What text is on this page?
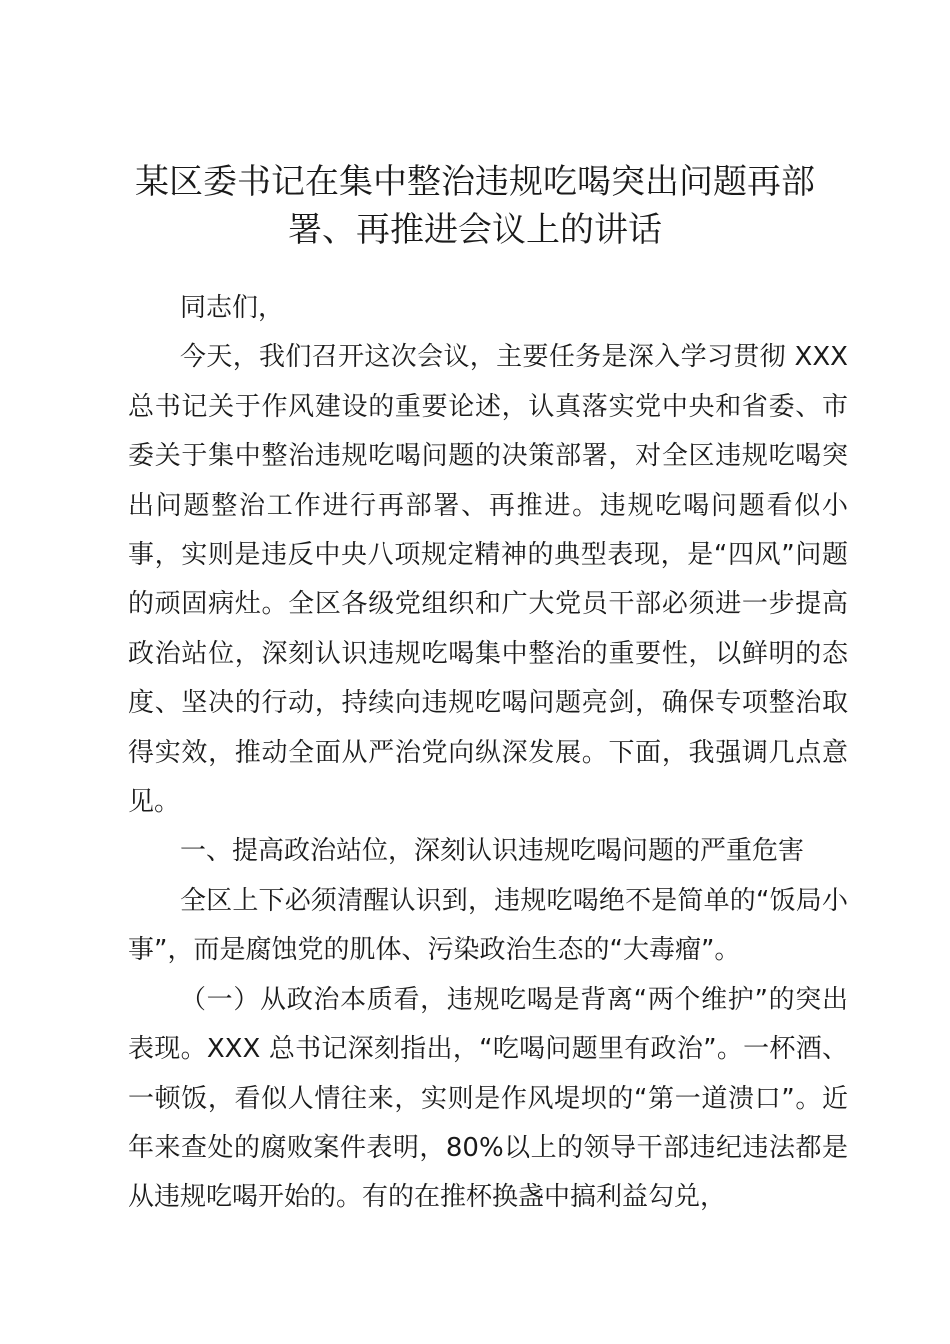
某区委书记在集中整治违规吃喝突出问题再部署、再推进会议上的讲话

同志们，

今天，我们召开这次会议，主要任务是深入学习贯彻 XXX 总书记关于作风建设的重要论述，认真落实党中央和省委、市委关于集中整治违规吃喝问题的决策部署，对全区违规吃喝突出问题整治工作进行再部署、再推进。违规吃喝问题看似小事，实则是违反中央八项规定精神的典型表现，是“四风”问题的顽固病灶。全区各级党组织和广大党员干部必须进一步提高政治站位，深刻认识违规吃喝集中整治的重要性，以鲜明的态度、坚决的行动，持续向违规吃喝问题亮剑，确保专项整治取得实效，推动全面从严治党向纵深发展。下面，我强调几点意见。

一、提高政治站位，深刻认识违规吃喝问题的严重危害

全区上下必须清醒认识到，违规吃喝绝不是简单的“饭局小事”，而是腐蚀党的肌体、污染政治生态的“大毒瘤”。

（一）从政治本质看，违规吃喝是背离“两个维护”的突出表现。XXX 总书记深刻指出，“吃喝问题里有政治”。一杯酒、一顿饭，看似人情往来，实则是作风堤坝的“第一道溃口”。近年来查处的腐败案件表明，80%以上的领导干部违纪违法都是从违规吃喝开始的。有的在推杯换盏中搞利益勾兑，
